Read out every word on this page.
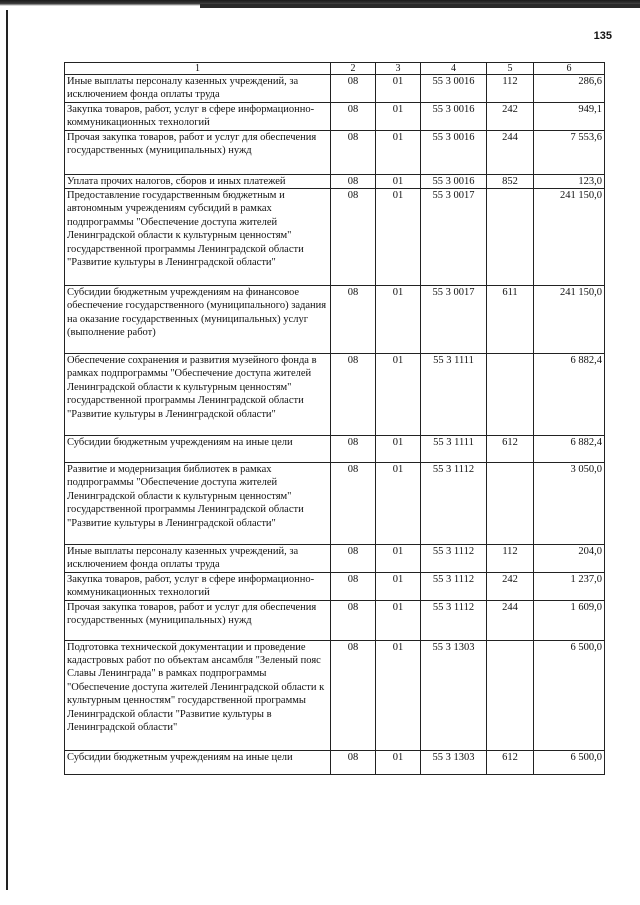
135
1	2	3	4	5	6
Иные выплаты персоналу казенных учреждений, за исключением фонда оплаты труда	08	01	55 3 0016	112	286,6
Закупка товаров, работ, услуг в сфере информационно-коммуникационных технологий	08	01	55 3 0016	242	949,1
Прочая закупка товаров, работ и услуг для обеспечения государственных (муниципальных) нужд	08	01	55 3 0016	244	7 553,6
Уплата прочих налогов, сборов и иных платежей	08	01	55 3 0016	852	123,0
Предоставление государственным бюджетным и автономным учреждениям субсидий в рамках подпрограммы "Обеспечение доступа жителей Ленинградской области к культурным ценностям" государственной программы Ленинградской области "Развитие культуры в Ленинградской области"	08	01	55 3 0017		241 150,0
Субсидии бюджетным учреждениям на финансовое обеспечение государственного (муниципального) задания на оказание государственных (муниципальных) услуг (выполнение работ)	08	01	55 3 0017	611	241 150,0
Обеспечение сохранения и развития музейного фонда в рамках подпрограммы "Обеспечение доступа жителей Ленинградской области к культурным ценностям" государственной программы Ленинградской области "Развитие культуры в Ленинградской области"	08	01	55 3 1111		6 882,4
Субсидии бюджетным учреждениям на иные цели	08	01	55 3 1111	612	6 882,4
Развитие и модернизация библиотек в рамках подпрограммы "Обеспечение доступа жителей Ленинградской области к культурным ценностям" государственной программы Ленинградской области "Развитие культуры в Ленинградской области"	08	01	55 3 1112		3 050,0
Иные выплаты персоналу казенных учреждений, за исключением фонда оплаты труда	08	01	55 3 1112	112	204,0
Закупка товаров, работ, услуг в сфере информационно-коммуникационных технологий	08	01	55 3 1112	242	1 237,0
Прочая закупка товаров, работ и услуг для обеспечения государственных (муниципальных) нужд	08	01	55 3 1112	244	1 609,0
Подготовка технической документации и проведение кадастровых работ по объектам ансамбля "Зеленый пояс Славы Ленинграда" в рамках подпрограммы "Обеспечение доступа жителей Ленинградской области к культурным ценностям" государственной программы Ленинградской области "Развитие культуры в Ленинградской области"	08	01	55 3 1303		6 500,0
Субсидии бюджетным учреждениям на иные цели	08	01	55 3 1303	612	6 500,0
